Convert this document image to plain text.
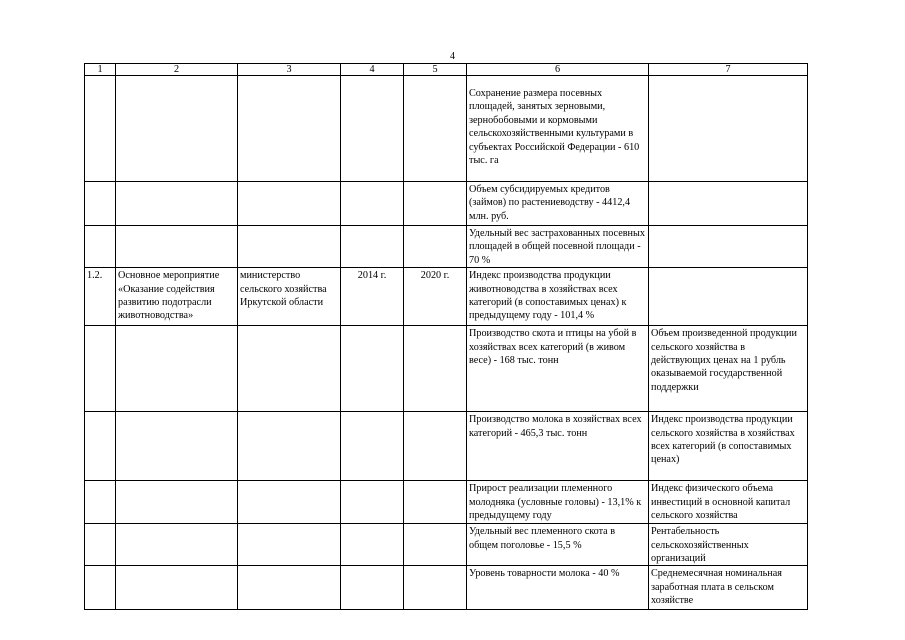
4
1	2	3	4	5	6	7
					Сохранение размера посевных площадей, занятых зерновыми, зернобобовыми и кормовыми сельскохозяйственными культурами в субъектах Российской Федерации - 610 тыс. га	
					Объем субсидируемых кредитов (займов) по растениеводству - 4412,4 млн. руб.	
					Удельный вес застрахованных посевных площадей в общей посевной площади - 70 %	
1.2.	Основное мероприятие «Оказание содействия развитию подотрасли животноводства»	министерство сельского хозяйства Иркутской области	2014 г.	2020 г.	Индекс производства продукции животноводства в хозяйствах всех категорий (в сопоставимых ценах) к предыдущему году - 101,4 %	
					Производство скота и птицы на убой в хозяйствах всех категорий (в живом весе) - 168 тыс. тонн	Объем произведенной продукции сельского хозяйства в действующих ценах на 1 рубль оказываемой государственной поддержки
					Производство молока в хозяйствах всех категорий - 465,3 тыс. тонн	Индекс производства продукции сельского хозяйства в хозяйствах всех категорий (в сопоставимых ценах)
					Прирост реализации племенного молодняка (условные головы) - 13,1% к предыдущему году	Индекс физического объема инвестиций в основной капитал сельского хозяйства
					Удельный вес племенного скота в общем поголовье - 15,5 %	Рентабельность сельскохозяйственных организаций
					Уровень товарности молока - 40 %	Среднемесячная номинальная заработная плата в сельском хозяйстве
